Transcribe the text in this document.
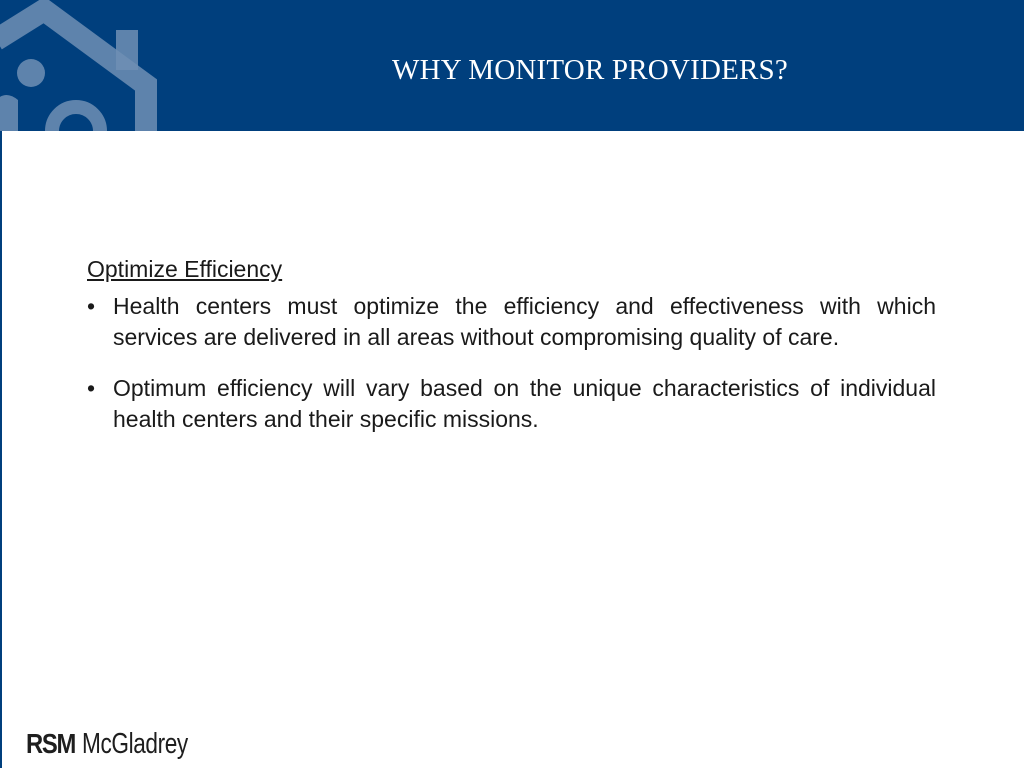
WHY MONITOR PROVIDERS?

Optimize Efficiency

• Health centers must optimize the efficiency and effectiveness with which services are delivered in all areas without compromising quality of care.
• Optimum efficiency will vary based on the unique characteristics of individual health centers and their specific missions.
RSM McGladrey
